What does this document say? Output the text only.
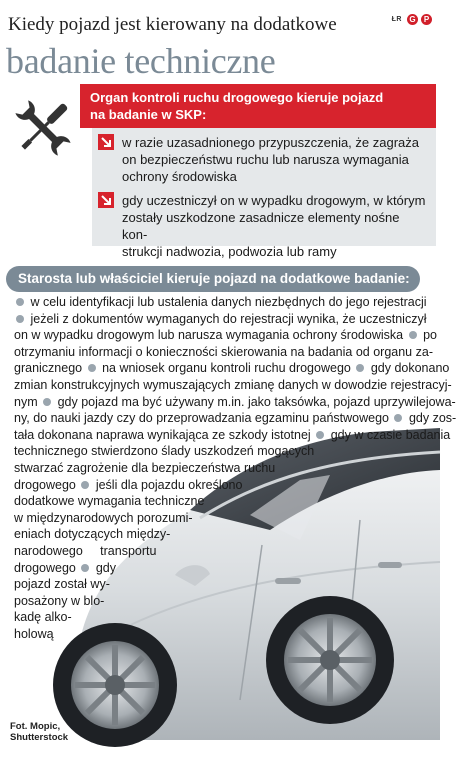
Kiedy pojazd jest kierowany na dodatkowe
badanie techniczne
ŁR G	P
Organ kontroli ruchu drogowego kieruje pojazd
na badanie w SKP:
w razie uzasadnionego przypuszczenia, że zagraża
on bezpieczeństwu ruchu lub narusza wymagania
ochrony środowiska
gdy uczestniczył on w wypadku drogowym, w którym
zostały uszkodzone zasadnicze elementy nośne kon-
strukcji nadwozia, podwozia lub ramy
Starosta lub właściciel kieruje pojazd na dodatkowe badanie:
w celu identyfikacji lub ustalenia danych niezbędnych do jego rejestracji
jeżeli z dokumentów wymaganych do rejestracji wynika, że uczestniczył
on w wypadku drogowym lub narusza wymagania ochrony środowiska po
otrzymaniu informacji o konieczności skierowania na badania od organu za-
granicznego na wniosek organu kontroli ruchu drogowego gdy dokonano
zmian konstrukcyjnych wymuszających zmianę danych w dowodzie rejestracyj-
nym gdy pojazd ma być używany m.in. jako taksówka, pojazd uprzywilejowa-
ny, do nauki jazdy czy do przeprowadzania egzaminu państwowego gdy zos-
tała dokonana naprawa wynikająca ze szkody istotnej gdy w czasie badania
technicznego stwierdzono ślady uszkodzeń mogących
stwarzać zagrożenie dla bezpieczeństwa ruchu
drogowego jeśli dla pojazdu określono
dodatkowe wymagania techniczne
w międzynarodowych porozumi-
eniach dotyczących między-
narodowego     transportu
drogowego gdy
pojazd został wy-
posażony w blo-
kadę alko-
holową
Fot. Mopic,
Shutterstock
